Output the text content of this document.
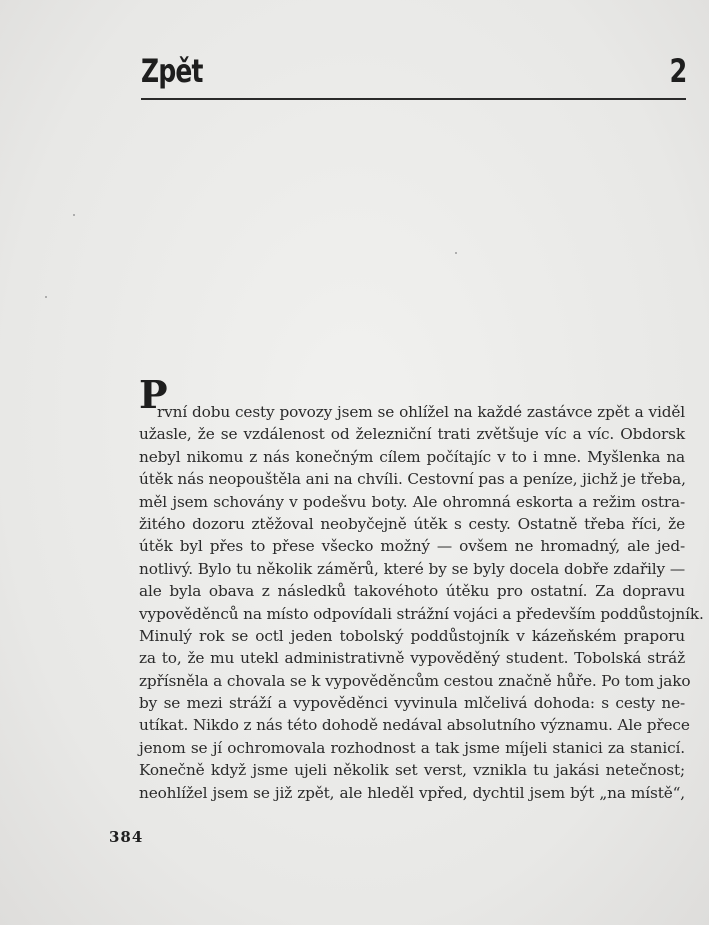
Zpět	2
P
rvní dobu cesty povozy jsem se ohlížel na každé zastávce zpět a viděl
užasle, že se vzdálenost od železniční trati zvětšuje víc a víc. Obdorsk
nebyl nikomu z nás konečným cílem počítajíc v to i mne. Myšlenka na
útěk nás neopouštěla ani na chvíli. Cestovní pas a peníze, jichž je třeba,
měl jsem schovány v podešvu boty. Ale ohromná eskorta a režim ostra-
žitého dozoru ztěžoval neobyčejně útěk s cesty. Ostatně třeba říci, že
útěk byl přes to přese všecko možný — ovšem ne hromadný, ale jed-
notlivý. Bylo tu několik záměrů, které by se byly docela dobře zdařily —
ale byla obava z následků takovéhoto útěku pro ostatní. Za dopravu
vypověděnců na místo odpovídali strážní vojáci a především poddůstojník.
Minulý rok se octl jeden tobolský poddůstojník v kázeňském praporu
za to, že mu utekl administrativně vypověděný student. Tobolská stráž
zpřísněla a chovala se k vypověděncům cestou značně hůře. Po tom jako
by se mezi stráží a vypověděnci vyvinula mlčelivá dohoda: s cesty ne-
utíkat. Nikdo z nás této dohodě nedával absolutního významu. Ale přece
jenom se jí ochromovala rozhodnost a tak jsme míjeli stanici za stanicí.
Konečně když jsme ujeli několik set verst, vznikla tu jakási netečnost;
neohlížel jsem se již zpět, ale hleděl vpřed, dychtil jsem být „na místě“,
384
